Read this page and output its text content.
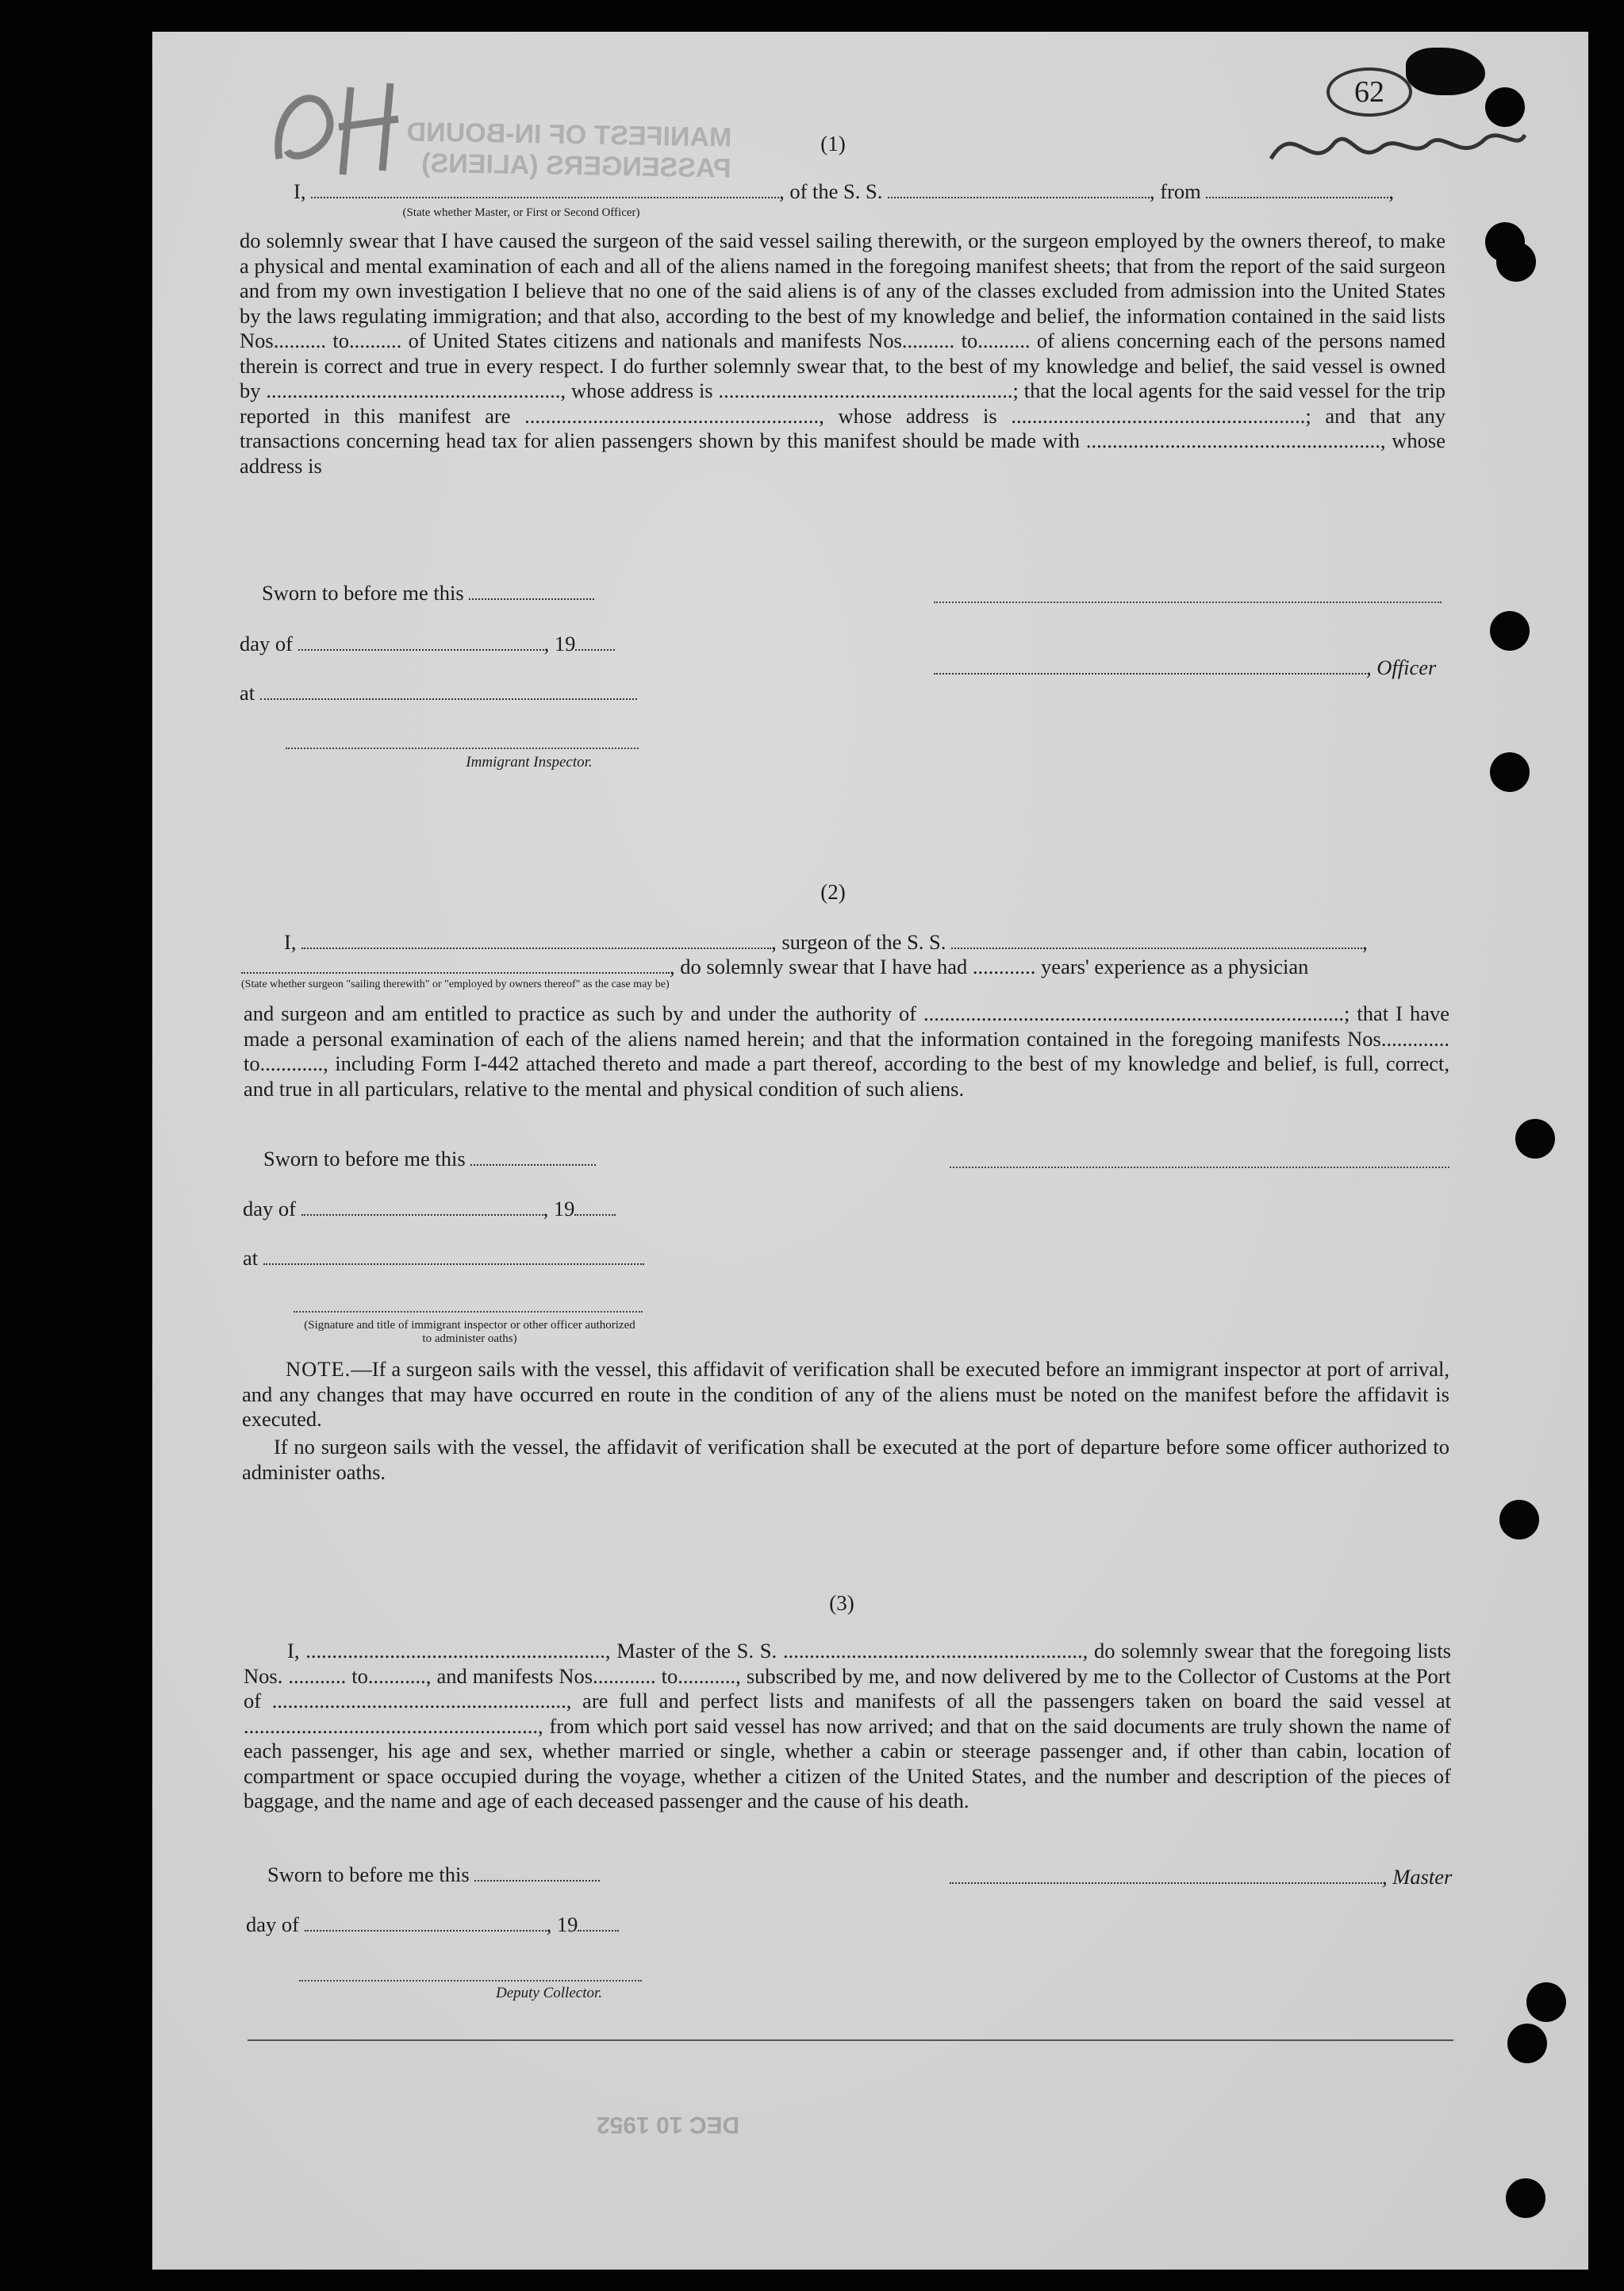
MANIFEST OF IN-BOUND PASSENGERS (ALIENS)
62
(1)
I,	, of the S. S.	, from	,
(State whether Master, or First or Second Officer)
do solemnly swear that I have caused the surgeon of the said vessel sailing therewith, or the surgeon employed by the owners thereof, to make a physical and mental examination of each and all of the aliens named in the foregoing manifest sheets; that from the report of the said surgeon and from my own investigation I believe that no one of the said aliens is of any of the classes excluded from admission into the United States by the laws regulating immigration; and that also, according to the best of my knowledge and belief, the information contained in the said lists Nos.......... to.......... of United States citizens and nationals and manifests Nos.......... to.......... of aliens concerning each of the persons named therein is correct and true in every respect. I do further solemnly swear that, to the best of my knowledge and belief, the said vessel is owned by ........................................................, whose address is ........................................................; that the local agents for the said vessel for the trip reported in this manifest are ........................................................, whose address is ........................................................; and that any transactions concerning head tax for alien passengers shown by this manifest should be made with ........................................................, whose address is
Sworn to before me this
day of	, 19
at
Immigrant Inspector.
, Officer
(2)
I,	, surgeon of the S. S.	,
, do solemnly swear that I have had ............ years' experience as a physician
(State whether surgeon "sailing therewith" or "employed by owners thereof" as the case may be)
and surgeon and am entitled to practice as such by and under the authority of ................................................................................; that I have made a personal examination of each of the aliens named herein; and that the information contained in the foregoing manifests Nos............. to............, including Form I-442 attached thereto and made a part thereof, according to the best of my knowledge and belief, is full, correct, and true in all particulars, relative to the mental and physical condition of such aliens.
Sworn to before me this
day of	, 19
at
(Signature and title of immigrant inspector or other officer authorized to administer oaths)
NOTE.—If a surgeon sails with the vessel, this affidavit of verification shall be executed before an immigrant inspector at port of arrival, and any changes that may have occurred en route in the condition of any of the aliens must be noted on the manifest before the affidavit is executed.
If no surgeon sails with the vessel, the affidavit of verification shall be executed at the port of departure before some officer authorized to administer oaths.
(3)
I, ........................................................., Master of the S. S. ........................................................., do solemnly swear that the foregoing lists Nos. ........... to..........., and manifests Nos............ to..........., subscribed by me, and now delivered by me to the Collector of Customs at the Port of ........................................................, are full and perfect lists and manifests of all the passengers taken on board the said vessel at ........................................................, from which port said vessel has now arrived; and that on the said documents are truly shown the name of each passenger, his age and sex, whether married or single, whether a cabin or steerage passenger and, if other than cabin, location of compartment or space occupied during the voyage, whether a citizen of the United States, and the number and description of the pieces of baggage, and the name and age of each deceased passenger and the cause of his death.
Sworn to before me this	, Master
day of	, 19
Deputy Collector.
DEC 10 1952
